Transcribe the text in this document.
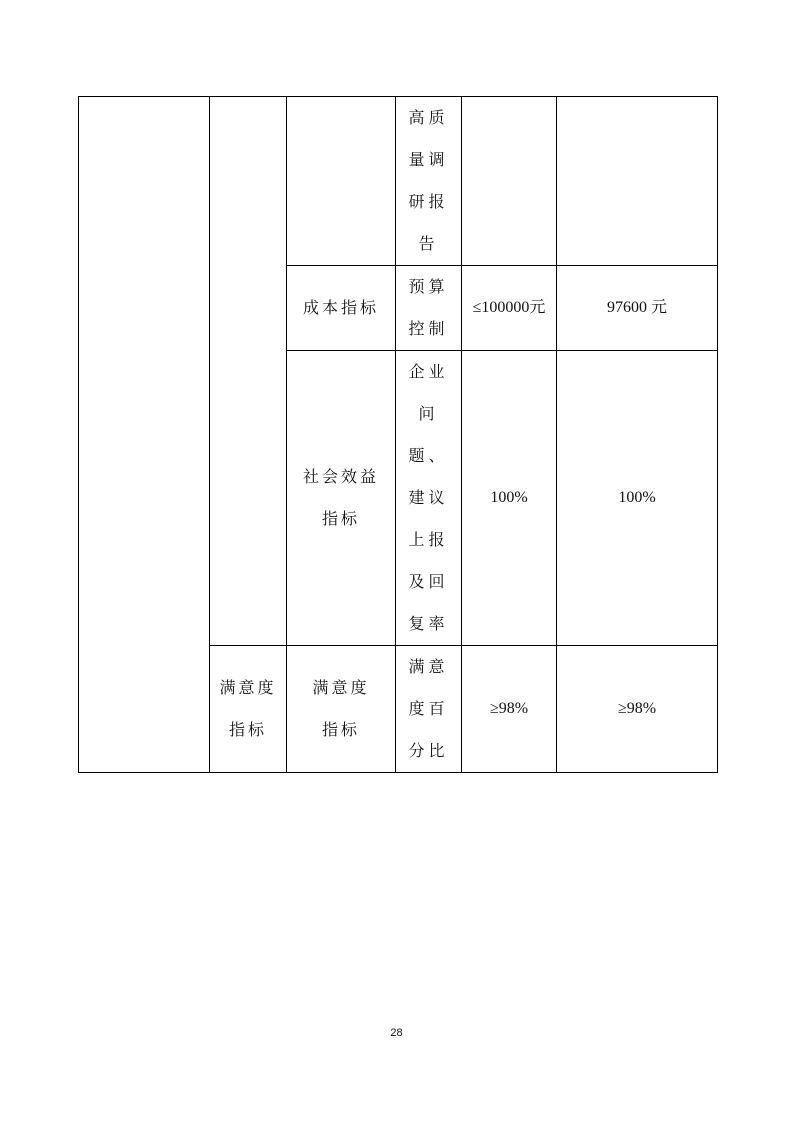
			高质量调研报告		
		成本指标	预算控制	≤100000元	97600 元
		社会效益指标	企业问题、建议上报及回复率	100%	100%
	满意度指标	满意度指标	满意度百分比	≥98%	≥98%
28
